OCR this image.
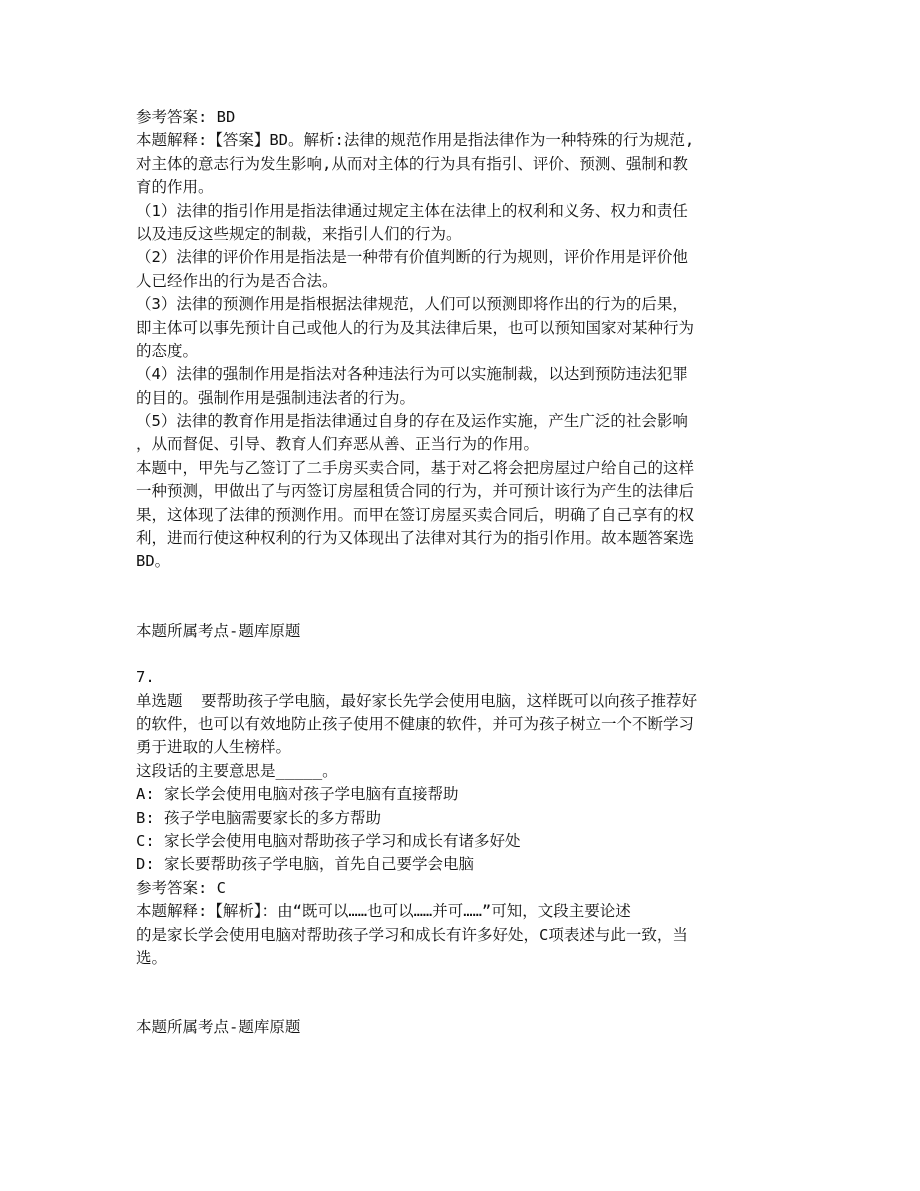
参考答案: BD
本题解释:【答案】BD。解析:法律的规范作用是指法律作为一种特殊的行为规范,
对主体的意志行为发生影响,从而对主体的行为具有指引、评价、预测、强制和教
育的作用。
（1）法律的指引作用是指法律通过规定主体在法律上的权利和义务、权力和责任
以及违反这些规定的制裁，来指引人们的行为。
（2）法律的评价作用是指法是一种带有价值判断的行为规则，评价作用是评价他
人已经作出的行为是否合法。
（3）法律的预测作用是指根据法律规范，人们可以预测即将作出的行为的后果，
即主体可以事先预计自己或他人的行为及其法律后果，也可以预知国家对某种行为
的态度。
（4）法律的强制作用是指法对各种违法行为可以实施制裁，以达到预防违法犯罪
的目的。强制作用是强制违法者的行为。
（5）法律的教育作用是指法律通过自身的存在及运作实施，产生广泛的社会影响
，从而督促、引导、教育人们弃恶从善、正当行为的作用。
本题中，甲先与乙签订了二手房买卖合同，基于对乙将会把房屋过户给自己的这样
一种预测，甲做出了与丙签订房屋租赁合同的行为，并可预计该行为产生的法律后
果，这体现了法律的预测作用。而甲在签订房屋买卖合同后，明确了自己享有的权
利，进而行使这种权利的行为又体现出了法律对其行为的指引作用。故本题答案选
BD。
本题所属考点-题库原题
7.
单选题  要帮助孩子学电脑，最好家长先学会使用电脑，这样既可以向孩子推荐好
的软件，也可以有效地防止孩子使用不健康的软件，并可为孩子树立一个不断学习
勇于进取的人生榜样。
这段话的主要意思是_____。
A: 家长学会使用电脑对孩子学电脑有直接帮助
B: 孩子学电脑需要家长的多方帮助
C: 家长学会使用电脑对帮助孩子学习和成长有诸多好处
D: 家长要帮助孩子学电脑，首先自己要学会电脑
参考答案: C
本题解释:【解析】：由“既可以……也可以……并可……”可知，文段主要论述
的是家长学会使用电脑对帮助孩子学习和成长有许多好处，C项表述与此一致，当
选。
本题所属考点-题库原题
